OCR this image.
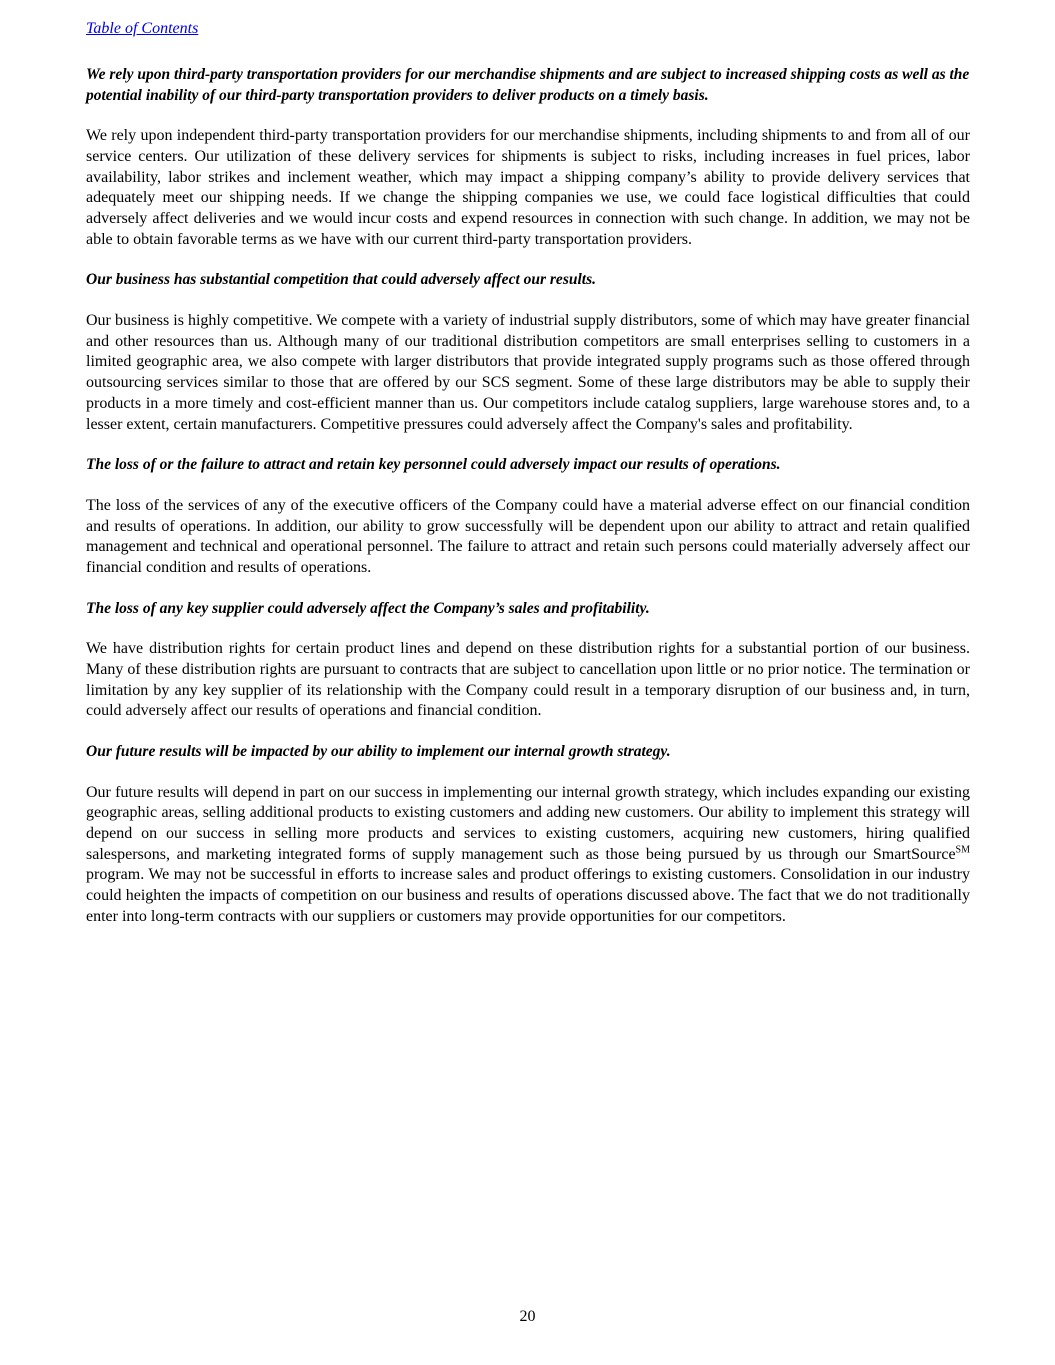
Table of Contents

We rely upon third-party transportation providers for our merchandise shipments and are subject to increased shipping costs as well as the potential inability of our third-party transportation providers to deliver products on a timely basis.

We rely upon independent third-party transportation providers for our merchandise shipments, including shipments to and from all of our service centers. Our utilization of these delivery services for shipments is subject to risks, including increases in fuel prices, labor availability, labor strikes and inclement weather, which may impact a shipping company’s ability to provide delivery services that adequately meet our shipping needs. If we change the shipping companies we use, we could face logistical difficulties that could adversely affect deliveries and we would incur costs and expend resources in connection with such change. In addition, we may not be able to obtain favorable terms as we have with our current third-party transportation providers.

Our business has substantial competition that could adversely affect our results.

Our business is highly competitive. We compete with a variety of industrial supply distributors, some of which may have greater financial and other resources than us. Although many of our traditional distribution competitors are small enterprises selling to customers in a limited geographic area, we also compete with larger distributors that provide integrated supply programs such as those offered through outsourcing services similar to those that are offered by our SCS segment. Some of these large distributors may be able to supply their products in a more timely and cost-efficient manner than us. Our competitors include catalog suppliers, large warehouse stores and, to a lesser extent, certain manufacturers. Competitive pressures could adversely affect the Company's sales and profitability.

The loss of or the failure to attract and retain key personnel could adversely impact our results of operations.

The loss of the services of any of the executive officers of the Company could have a material adverse effect on our financial condition and results of operations. In addition, our ability to grow successfully will be dependent upon our ability to attract and retain qualified management and technical and operational personnel. The failure to attract and retain such persons could materially adversely affect our financial condition and results of operations.

The loss of any key supplier could adversely affect the Company’s sales and profitability.

We have distribution rights for certain product lines and depend on these distribution rights for a substantial portion of our business. Many of these distribution rights are pursuant to contracts that are subject to cancellation upon little or no prior notice. The termination or limitation by any key supplier of its relationship with the Company could result in a temporary disruption of our business and, in turn, could adversely affect our results of operations and financial condition.

Our future results will be impacted by our ability to implement our internal growth strategy.

Our future results will depend in part on our success in implementing our internal growth strategy, which includes expanding our existing geographic areas, selling additional products to existing customers and adding new customers. Our ability to implement this strategy will depend on our success in selling more products and services to existing customers, acquiring new customers, hiring qualified salespersons, and marketing integrated forms of supply management such as those being pursued by us through our SmartSource℠ program. We may not be successful in efforts to increase sales and product offerings to existing customers. Consolidation in our industry could heighten the impacts of competition on our business and results of operations discussed above. The fact that we do not traditionally enter into long-term contracts with our suppliers or customers may provide opportunities for our competitors.

20
